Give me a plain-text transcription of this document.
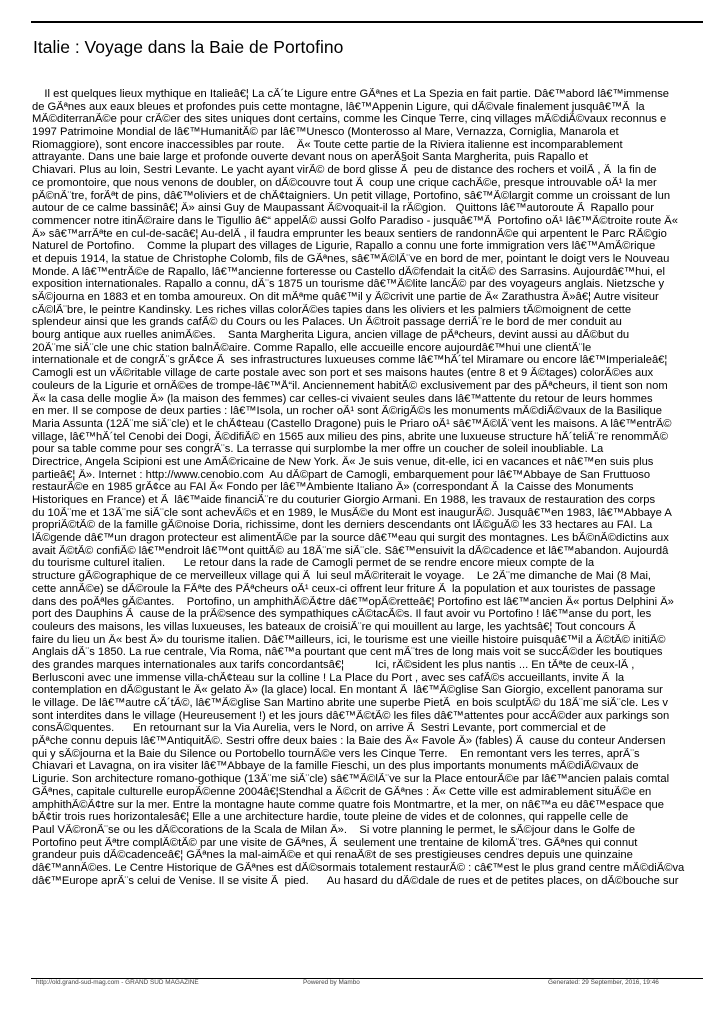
Italie : Voyage dans la Baie de Portofino
Il est quelques lieux mythique en Italieâ€¦ La cÃ´te Ligure entre GÃªnes et La Spezia en fait partie. Dâ€™abord lâ€™immense
de GÃªnes aux eaux bleues et profondes puis cette montagne, lâ€™Appenin Ligure, qui dÃ©vale finalement jusquâ€™Ã  la
MÃ©diterranÃ©e pour crÃ©er des sites uniques dont certains, comme les Cinque Terre, cinq villages mÃ©diÃ©vaux reconnus e
1997 Patrimoine Mondial de lâ€™HumanitÃ© par lâ€™Unesco (Monterosso al Mare, Vernazza, Corniglia, Manarola et
Riomaggiore), sont encore inaccessibles par route.    Â« Toute cette partie de la Riviera italienne est incomparablement
attrayante. Dans une baie large et profonde ouverte devant nous on aperÃ§oit Santa Margherita, puis Rapallo et
Chiavari. Plus au loin, Sestri Levante. Le yacht ayant virÃ© de bord glisse Ã  peu de distance des rochers et voilÃ , Ã  la fin de
ce promontoire, que nous venons de doubler, on dÃ©couvre tout Ã  coup une crique cachÃ©e, presque introuvable oÃ¹ la mer
pÃ©nÃ¨tre, forÃªt de pins, dâ€™oliviers et de chÃ¢taigniers. Un petit village, Portofino, sâ€™Ã©largit comme un croissant de lun
autour de ce calme bassinâ€¦ Â» ainsi Guy de Maupassant Ã©voquait-il la rÃ©gion.   Quittons lâ€™autoroute Ã  Rapallo pour
commencer notre itinÃ©raire dans le Tigullio â€“ appelÃ© aussi Golfo Paradiso - jusquâ€™Ã  Portofino oÃ¹ lâ€™Ã©troite route Â«
Â» sâ€™arrÃªte en cul-de-sacâ€¦ Au-delÃ , il faudra emprunter les beaux sentiers de randonnÃ©e qui arpentent le Parc RÃ©gio
Naturel de Portofino.    Comme la plupart des villages de Ligurie, Rapallo a connu une forte immigration vers lâ€™AmÃ©rique
et depuis 1914, la statue de Christophe Colomb, fils de GÃªnes, sâ€™Ã©lÃ¨ve en bord de mer, pointant le doigt vers le Nouveau
Monde. A lâ€™entrÃ©e de Rapallo, lâ€™ancienne forteresse ou Castello dÃ©fendait la citÃ© des Sarrasins. Aujourdâ€™hui, el
exposition internationales. Rapallo a connu, dÃ¨s 1875 un tourisme dâ€™Ã©lite lancÃ© par des voyageurs anglais. Nietzsche y
sÃ©journa en 1883 et en tomba amoureux. On dit mÃªme quâ€™il y Ã©crivit une partie de Â« Zarathustra Â»â€¦ Autre visiteur
cÃ©lÃ¨bre, le peintre Kandinsky. Les riches villas colorÃ©es tapies dans les oliviers et les palmiers tÃ©moignent de cette
splendeur ainsi que les grands cafÃ© du Cours ou les Palaces. Un Ã©troit passage derriÃ¨re le bord de mer conduit au
bourg antique aux ruelles animÃ©es.    Santa Margherita Ligura, ancien village de pÃªcheurs, devint aussi au dÃ©but du
20Ã¨me siÃ¨cle une chic station balnÃ©aire. Comme Rapallo, elle accueille encore aujourdâ€™hui une clientÃ¨le
internationale et de congrÃ¨s grÃ¢ce Ã  ses infrastructures luxueuses comme lâ€™hÃ´tel Miramare ou encore lâ€™Imperialeâ€¦
Camogli est un vÃ©ritable village de carte postale avec son port et ses maisons hautes (entre 8 et 9 Ã©tages) colorÃ©es aux
couleurs de la Ligurie et ornÃ©es de trompe-lâ€™Å“il. Anciennement habitÃ© exclusivement par des pÃªcheurs, il tient son nom
Â« la casa delle moglie Â» (la maison des femmes) car celles-ci vivaient seules dans lâ€™attente du retour de leurs hommes
en mer. Il se compose de deux parties : lâ€™Isola, un rocher oÃ¹ sont Ã©rigÃ©s les monuments mÃ©diÃ©vaux de la Basilique
Maria Assunta (12Ã¨me siÃ¨cle) et le chÃ¢teau (Castello Dragone) puis le Priaro oÃ¹ sâ€™Ã©lÃ¨vent les maisons. A lâ€™entrÃ©
village, lâ€™hÃ´tel Cenobi dei Dogi, Ã©difiÃ© en 1565 aux milieu des pins, abrite une luxueuse structure hÃ´teliÃ¨re renommÃ©
pour sa table comme pour ses congrÃ¨s. La terrasse qui surplombe la mer offre un coucher de soleil inoubliable. La
Directrice, Angela Scipioni est une AmÃ©ricaine de New York. Â« Je suis venue, dit-elle, ici en vacances et nâ€™en suis plus
partieâ€¦ Â». Internet : http://www.cenobio.com  Au dÃ©part de Camogli, embarquement pour lâ€™Abbaye de San Fruttuoso
restaurÃ©e en 1985 grÃ¢ce au FAI Â« Fondo per lâ€™Ambiente Italiano Â» (correspondant Ã  la Caisse des Monuments
Historiques en France) et Ã  lâ€™aide financiÃ¨re du couturier Giorgio Armani. En 1988, les travaux de restauration des corps
du 10Ã¨me et 13Ã¨me siÃ¨cle sont achevÃ©s et en 1989, le MusÃ©e du Mont est inaugurÃ©. Jusquâ€™en 1983, lâ€™Abbaye A
propriÃ©tÃ© de la famille gÃ©noise Doria, richissime, dont les derniers descendants ont lÃ©guÃ© les 33 hectares au FAI. La
lÃ©gende dâ€™un dragon protecteur est alimentÃ©e par la source dâ€™eau qui surgit des montagnes. Les bÃ©nÃ©dictins aux
avait Ã©tÃ© confiÃ© lâ€™endroit lâ€™ont quittÃ© au 18Ã¨me siÃ¨cle. Sâ€™ensuivit la dÃ©cadence et lâ€™abandon. Aujourdâ
du tourisme culturel italien.      Le retour dans la rade de Camogli permet de se rendre encore mieux compte de la
structure gÃ©ographique de ce merveilleux village qui Ã  lui seul mÃ©riterait le voyage.    Le 2Ã¨me dimanche de Mai (8 Mai,
cette annÃ©e) se dÃ©roule la FÃªte des PÃªcheurs oÃ¹ ceux-ci offrent leur friture Ã  la population et aux touristes de passage
dans des poÃªles gÃ©antes.    Portofino, un amphithÃ©Ã¢tre dâ€™opÃ©retteâ€¦ Portofino est lâ€™ancien Â« portus Delphini Â»
port des Dauphins Ã  cause de la prÃ©sence des sympathiques cÃ©tacÃ©s. Il faut avoir vu Portofino ! lâ€™anse du port, les
couleurs des maisons, les villas luxueuses, les bateaux de croisiÃ¨re qui mouillent au large, les yachtsâ€¦ Tout concours Ã
faire du lieu un Â« best Â» du tourisme italien. Dâ€™ailleurs, ici, le tourisme est une vieille histoire puisquâ€™il a Ã©tÃ© initiÃ©
Anglais dÃ¨s 1850. La rue centrale, Via Roma, nâ€™a pourtant que cent mÃ¨tres de long mais voit se succÃ©der les boutiques
des grandes marques internationales aux tarifs concordantsâ€¦          Ici, rÃ©sident les plus nantis ... En tÃªte de ceux-lÃ ,
Berlusconi avec une immense villa-chÃ¢teau sur la colline ! La Place du Port , avec ses cafÃ©s accueillants, invite Ã  la
contemplation en dÃ©gustant le Â« gelato Â» (la glace) local. En montant Ã  lâ€™Ã©glise San Giorgio, excellent panorama sur
le village. De lâ€™autre cÃ´tÃ©, lâ€™Ã©glise San Martino abrite une superbe PietÃ  en bois sculptÃ© du 18Ã¨me siÃ¨cle. Les v
sont interdites dans le village (Heureusement !) et les jours dâ€™Ã©tÃ© les files dâ€™attentes pour accÃ©der aux parkings son
consÃ©quentes.      En retournant sur la Via Aurelia, vers le Nord, on arrive Ã  Sestri Levante, port commercial et de
pÃªche connu depuis lâ€™AntiquitÃ©. Sestri offre deux baies : la Baie des Â« Favole Â» (fables) Ã  cause du conteur Andersen
qui y sÃ©journa et la Baie du Silence ou Portobello tournÃ©e vers les Cinque Terre.    En remontant vers les terres, aprÃ¨s
Chiavari et Lavagna, on ira visiter lâ€™Abbaye de la famille Fieschi, un des plus importants monuments mÃ©diÃ©vaux de
Ligurie. Son architecture romano-gothique (13Ã¨me siÃ¨cle) sâ€™Ã©lÃ¨ve sur la Place entourÃ©e par lâ€™ancien palais comtal
GÃªnes, capitale culturelle europÃ©enne 2004â€¦Stendhal a Ã©crit de GÃªnes : Â« Cette ville est admirablement situÃ©e en
amphithÃ©Ã¢tre sur la mer. Entre la montagne haute comme quatre fois Montmartre, et la mer, on nâ€™a eu dâ€™espace que
bÃ¢tir trois rues horizontalesâ€¦ Elle a une architecture hardie, toute pleine de vides et de colonnes, qui rappelle celle de
Paul VÃ©ronÃ¨se ou les dÃ©corations de la Scala de Milan Â».    Si votre planning le permet, le sÃ©jour dans le Golfe de
Portofino peut Ãªtre complÃ©tÃ© par une visite de GÃªnes, Ã  seulement une trentaine de kilomÃ¨tres. GÃªnes qui connut
grandeur puis dÃ©cadenceâ€¦ GÃªnes la mal-aimÃ©e et qui renaÃ®t de ses prestigieuses cendres depuis une quinzaine
dâ€™annÃ©es. Le Centre Historique de GÃªnes est dÃ©sormais totalement restaurÃ© : câ€™est le plus grand centre mÃ©diÃ©va
dâ€™Europe aprÃ¨s celui de Venise. Il se visite Ã  pied.      Au hasard du dÃ©dale de rues et de petites places, on dÃ©bouche sur
http://old.grand-sud-mag.com - GRAND SUD MAGAZINE	Powered by Mambo	Generated: 29 September, 2016, 19:46
